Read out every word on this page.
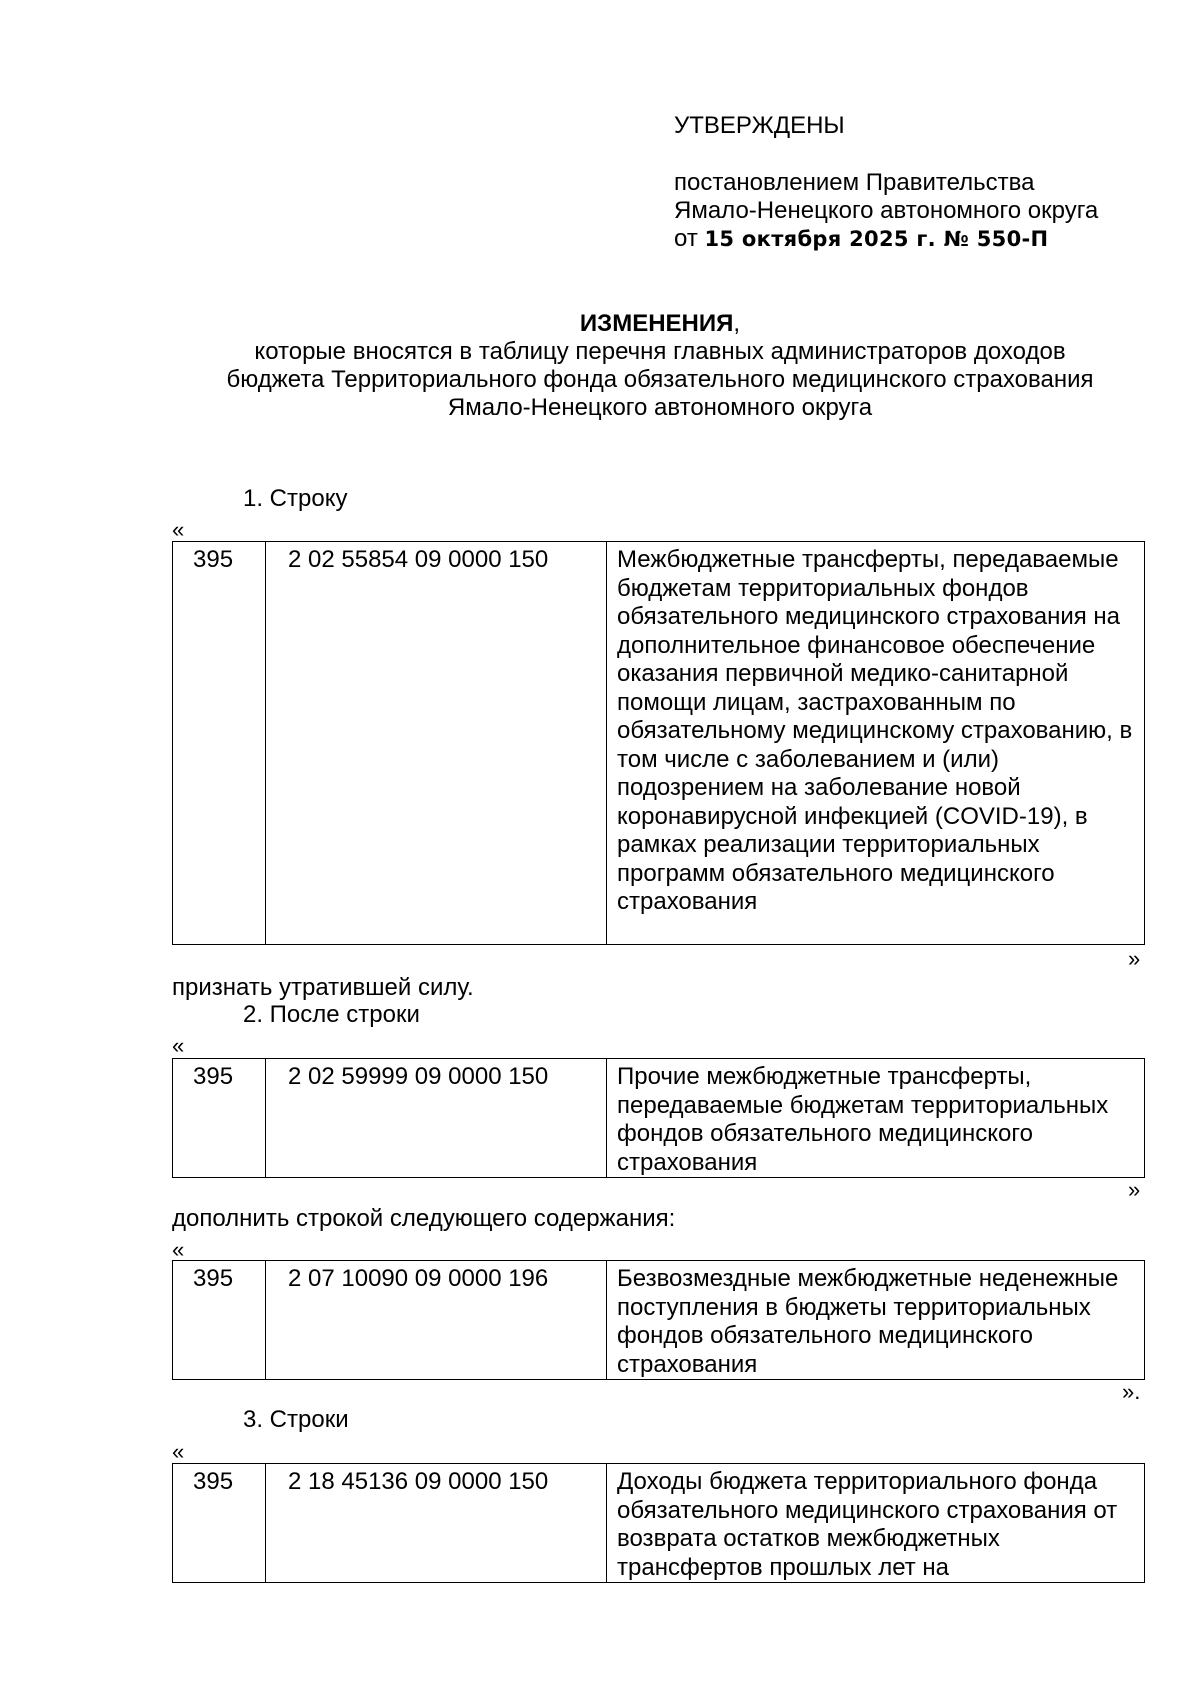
УТВЕРЖДЕНЫ
постановлением Правительства
Ямало-Ненецкого автономного округа
от 15 октября 2025 г. № 550-П
ИЗМЕНЕНИЯ,
которые вносятся в таблицу перечня главных администраторов доходов
бюджета Территориального фонда обязательного медицинского страхования
Ямало-Ненецкого автономного округа
1. Строку
«
395	2 02 55854 09 0000 150	Межбюджетные трансферты, передаваемые бюджетам территориальных фондов обязательного медицинского страхования на дополнительное финансовое обеспечение оказания первичной медико-санитарной помощи лицам, застрахованным по обязательному медицинскому страхованию, в том числе с заболеванием и (или) подозрением на заболевание новой коронавирусной инфекцией (COVID-19), в рамках реализации территориальных программ обязательного медицинского страхования
»
признать утратившей силу.
2. После строки
«
395	2 02 59999 09 0000 150	Прочие межбюджетные трансферты, передаваемые бюджетам территориальных фондов обязательного медицинского страхования
»
дополнить строкой следующего содержания:
«
395	2 07 10090 09 0000 196	Безвозмездные межбюджетные неденежные поступления в бюджеты территориальных фондов обязательного медицинского страхования
».
3. Строки
«
395	2 18 45136 09 0000 150	Доходы бюджета территориального фонда обязательного медицинского страхования от возврата остатков межбюджетных трансфертов прошлых лет на
